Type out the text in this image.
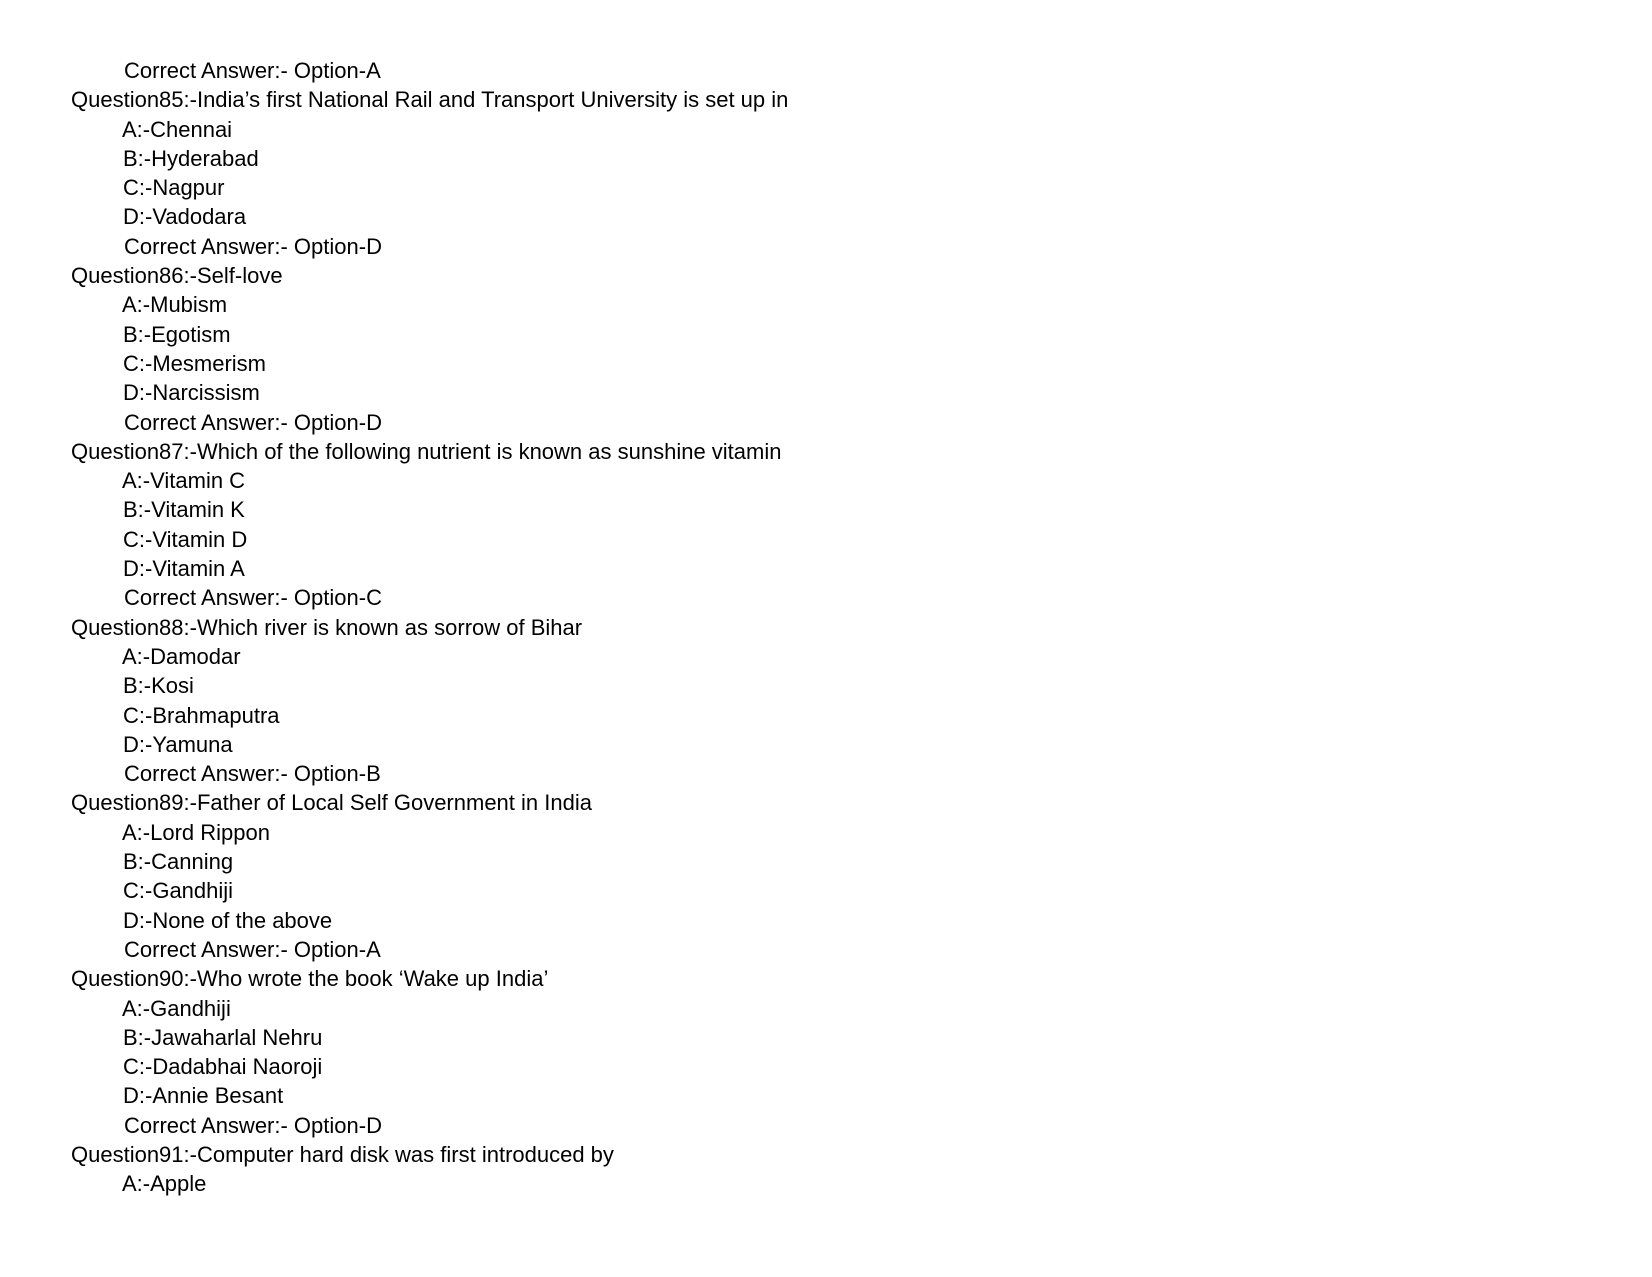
Correct Answer:- Option-A
Question85:-India’s first National Rail and Transport University is set up in
A:-Chennai
B:-Hyderabad
C:-Nagpur
D:-Vadodara
Correct Answer:- Option-D
Question86:-Self-love
A:-Mubism
B:-Egotism
C:-Mesmerism
D:-Narcissism
Correct Answer:- Option-D
Question87:-Which of the following nutrient is known as sunshine vitamin
A:-Vitamin C
B:-Vitamin K
C:-Vitamin D
D:-Vitamin A
Correct Answer:- Option-C
Question88:-Which river is known as sorrow of Bihar
A:-Damodar
B:-Kosi
C:-Brahmaputra
D:-Yamuna
Correct Answer:- Option-B
Question89:-Father of Local Self Government in India
A:-Lord Rippon
B:-Canning
C:-Gandhiji
D:-None of the above
Correct Answer:- Option-A
Question90:-Who wrote the book ‘Wake up India’
A:-Gandhiji
B:-Jawaharlal Nehru
C:-Dadabhai Naoroji
D:-Annie Besant
Correct Answer:- Option-D
Question91:-Computer hard disk was first introduced by
A:-Apple
